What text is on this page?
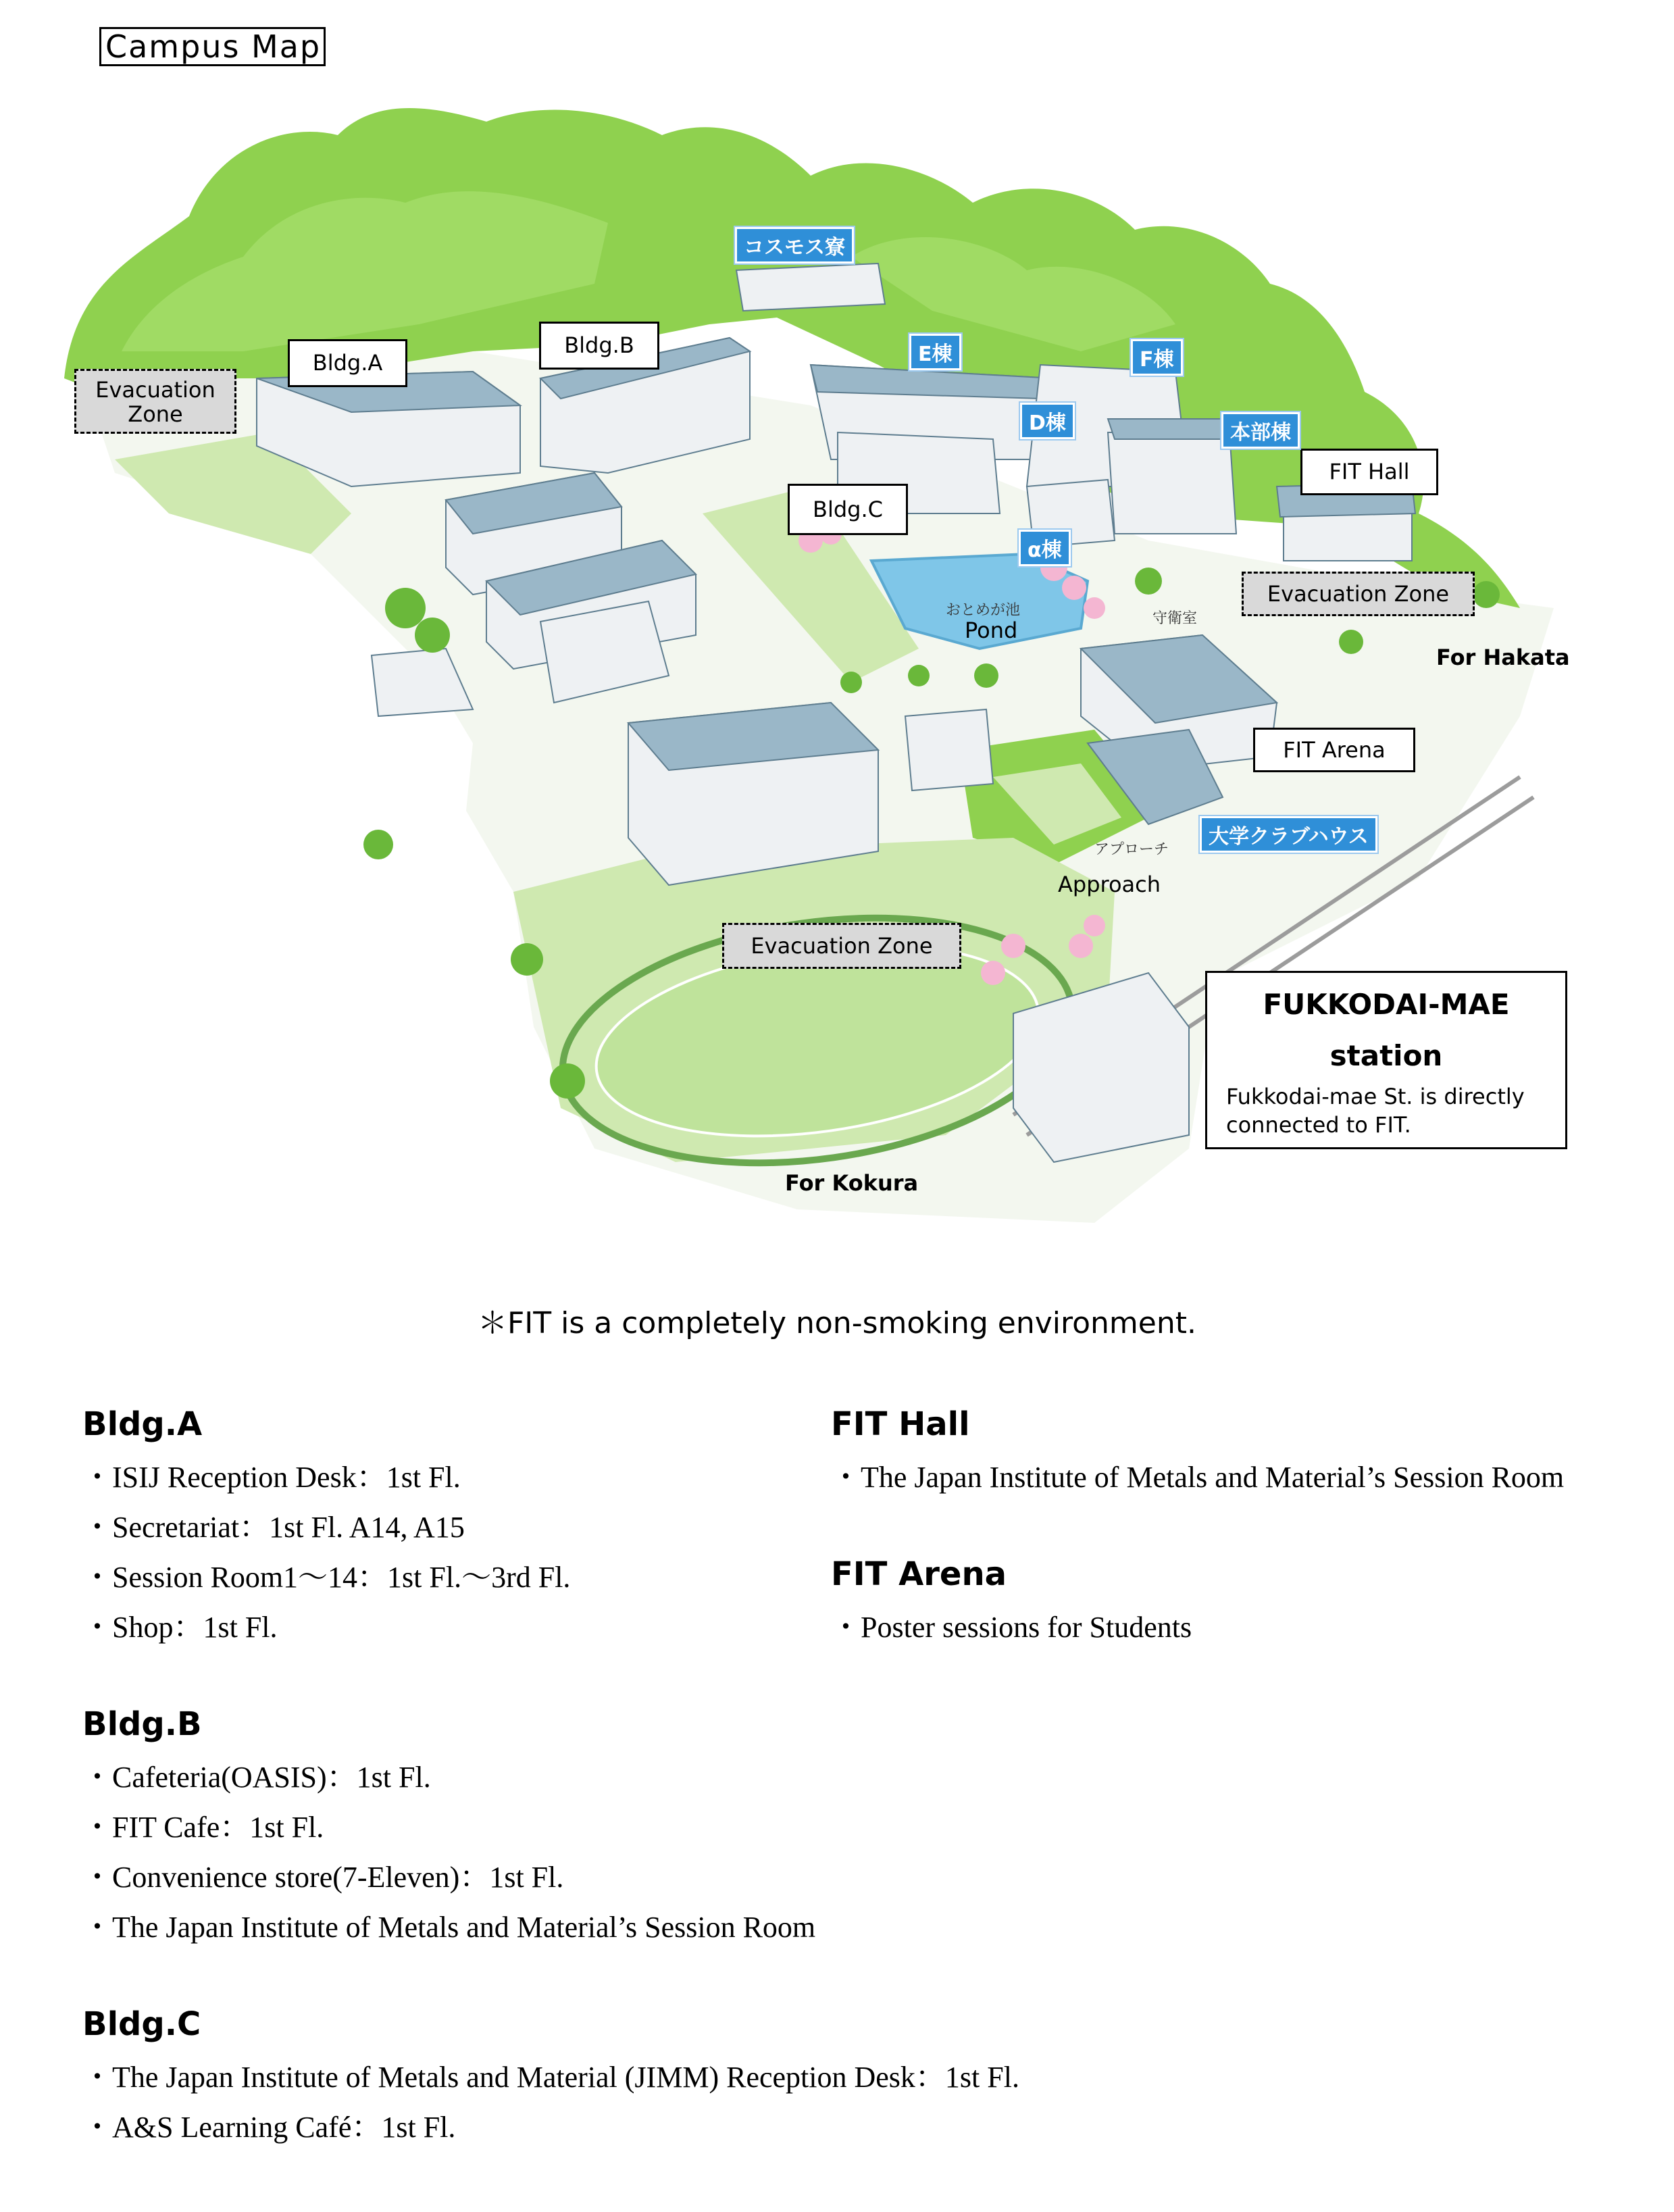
Campus Map
Bldg.A
Bldg.B
Bldg.C
FIT Hall
FIT Arena
Evacuation
Zone
Evacuation Zone
Evacuation Zone
Pond
Approach
For Hakata
For Kokura
コスモス寮
E棟	F棟
D棟	本部棟
α棟
大学クラブハウス
おとめが池
アプローチ
守衛室
FUKKODAI-MAE
station
Fukkodai-mae St. is directly connected to FIT.
＊FIT is a completely non-smoking environment.
Bldg.A
・ ISIJ Reception Desk：1st Fl.
・ Secretariat：1st Fl. A14, A15
・ Session Room1～14：1st Fl.～3rd Fl.
・ Shop：1st Fl.
Bldg.B
・ Cafeteria(OASIS)：1st Fl.
・ FIT Cafe：1st Fl.
・ Convenience store(7-Eleven)：1st Fl.
・ The Japan Institute of Metals and Material’s Session Room
Bldg.C
・ The Japan Institute of Metals and Material (JIMM) Reception Desk：1st Fl.
・ A&S Learning Café：1st Fl.
FIT Hall
・ The Japan Institute of Metals and Material’s Session Room
FIT Arena
・ Poster sessions for Students
